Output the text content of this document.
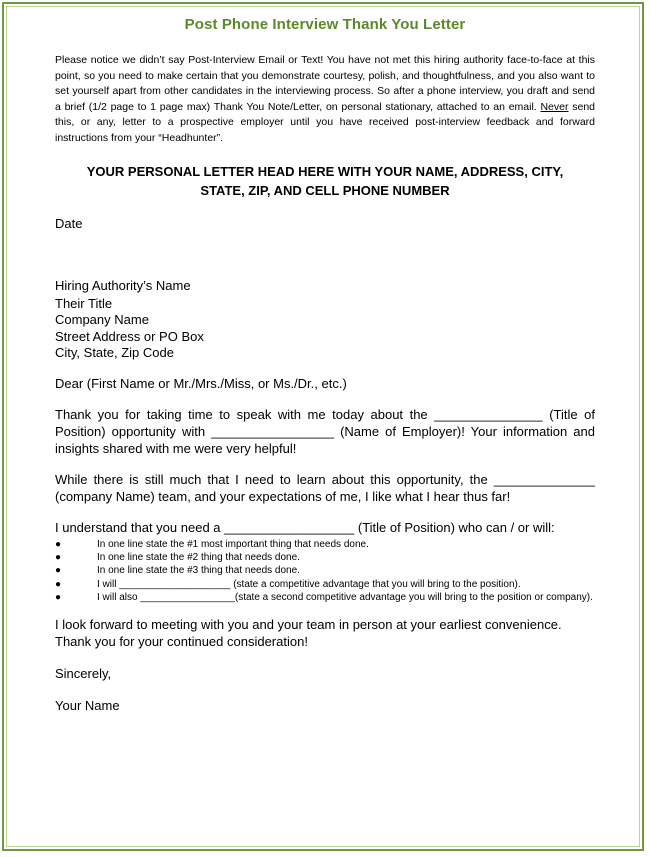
Post Phone Interview Thank You Letter
Please notice we didn’t say Post-Interview Email or Text! You have not met this hiring authority face-to-face at this point, so you need to make certain that you demonstrate courtesy, polish, and thoughtfulness, and you also want to set yourself apart from other candidates in the interviewing process. So after a phone interview, you draft and send a brief (1/2 page to 1 page max) Thank You Note/Letter, on personal stationary, attached to an email. Never send this, or any, letter to a prospective employer until you have received post-interview feedback and forward instructions from your “Headhunter”.
YOUR PERSONAL LETTER HEAD HERE WITH YOUR NAME, ADDRESS, CITY, STATE, ZIP, AND CELL PHONE NUMBER
Date
Hiring Authority’s Name
Their Title
Company Name
Street Address or PO Box
City, State, Zip Code
Dear (First Name or Mr./Mrs./Miss, or Ms./Dr., etc.)
Thank you for taking time to speak with me today about the _______________ (Title of Position) opportunity with _________________ (Name of Employer)! Your information and insights shared with me were very helpful!
While there is still much that I need to learn about this opportunity, the ______________ (company Name) team, and your expectations of me, I like what I hear thus far!
I understand that you need a __________________ (Title of Position) who can / or will:
●	In one line state the #1 most important thing that needs done.
●	In one line state the #2 thing that needs done.
●	In one line state the #3 thing that needs done.
●	I will ____________________ (state a competitive advantage that you will bring to the position).
●	I will also _________________(state a second competitive advantage you will bring to the position or company).
I look forward to meeting with you and your team in person at your earliest convenience. Thank you for your continued consideration!
Sincerely,
Your Name
